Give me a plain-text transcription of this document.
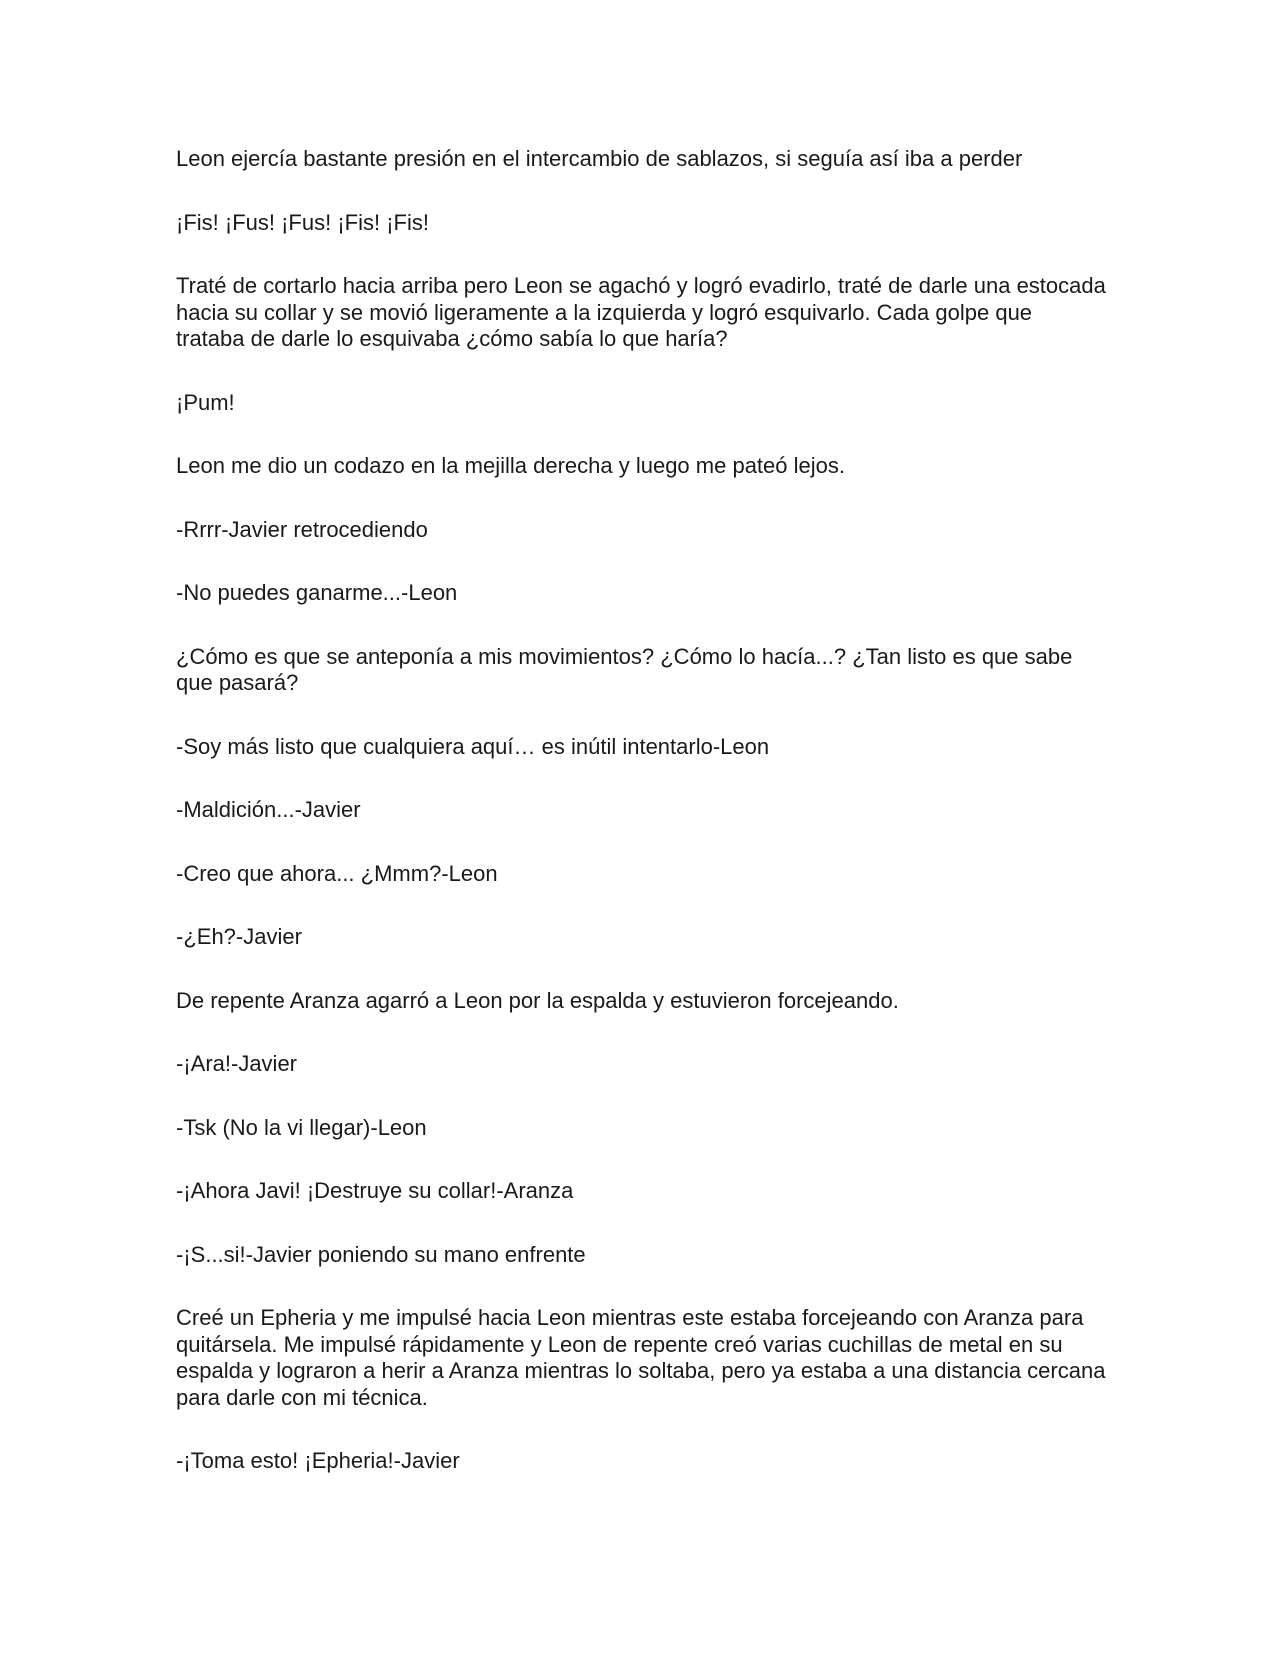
Leon ejercía bastante presión en el intercambio de sablazos, si seguía así iba a perder

¡Fis! ¡Fus! ¡Fus! ¡Fis! ¡Fis!

Traté de cortarlo hacia arriba pero Leon se agachó y logró evadirlo, traté de darle una estocada hacia su collar y se movió ligeramente a la izquierda y logró esquivarlo. Cada golpe que trataba de darle lo esquivaba ¿cómo sabía lo que haría?

¡Pum!

Leon me dio un codazo en la mejilla derecha y luego me pateó lejos.

-Rrrr-Javier retrocediendo

-No puedes ganarme...-Leon

¿Cómo es que se anteponía a mis movimientos? ¿Cómo lo hacía...? ¿Tan listo es que sabe que pasará?

-Soy más listo que cualquiera aquí… es inútil intentarlo-Leon

-Maldición...-Javier

-Creo que ahora... ¿Mmm?-Leon

-¿Eh?-Javier

De repente Aranza agarró a Leon por la espalda y estuvieron forcejeando.

-¡Ara!-Javier

-Tsk (No la vi llegar)-Leon

-¡Ahora Javi! ¡Destruye su collar!-Aranza

-¡S...si!-Javier poniendo su mano enfrente

Creé un Epheria y me impulsé hacia Leon mientras este estaba forcejeando con Aranza para quitársela. Me impulsé rápidamente y Leon de repente creó varias cuchillas de metal en su espalda y lograron a herir a Aranza mientras lo soltaba, pero ya estaba a una distancia cercana para darle con mi técnica.

-¡Toma esto! ¡Epheria!-Javier
